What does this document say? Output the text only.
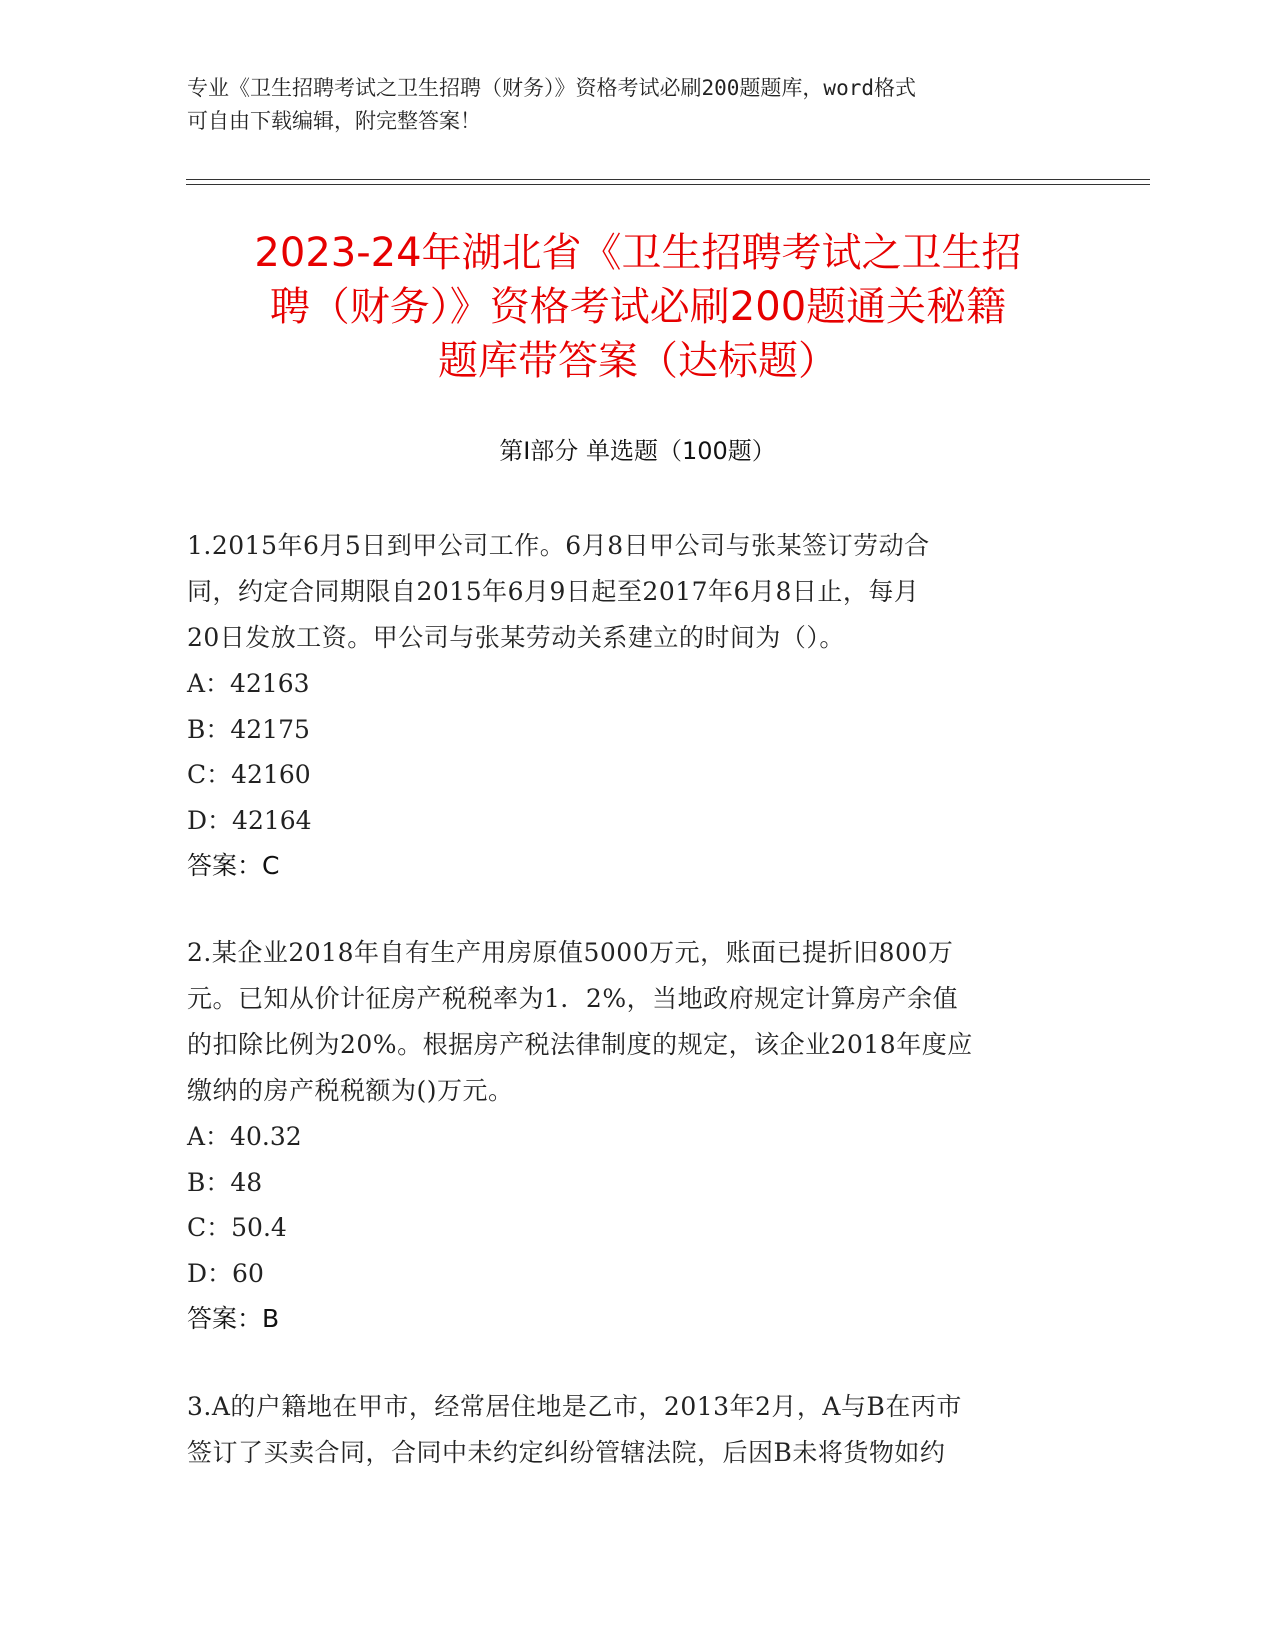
专业《卫生招聘考试之卫生招聘（财务）》资格考试必刷200题题库，word格式
可自由下载编辑，附完整答案！
2023-24年湖北省《卫生招聘考试之卫生招
聘（财务）》资格考试必刷200题通关秘籍
题库带答案（达标题）
第Ⅰ部分 单选题（100题）
1.2015年6月5日到甲公司工作。6月8日甲公司与张某签订劳动合
同，约定合同期限自2015年6月9日起至2017年6月8日止，每月
20日发放工资。甲公司与张某劳动关系建立的时间为（）。
A：42163
B：42175
C：42160
D：42164
答案：C
2.某企业2018年自有生产用房原值5000万元，账面已提折旧800万
元。已知从价计征房产税税率为1．2%，当地政府规定计算房产余值
的扣除比例为20%。根据房产税法律制度的规定，该企业2018年度应
缴纳的房产税税额为()万元。
A：40.32
B：48
C：50.4
D：60
答案：B
3.A的户籍地在甲市，经常居住地是乙市，2013年2月，A与B在丙市
签订了买卖合同，合同中未约定纠纷管辖法院，后因B未将货物如约
